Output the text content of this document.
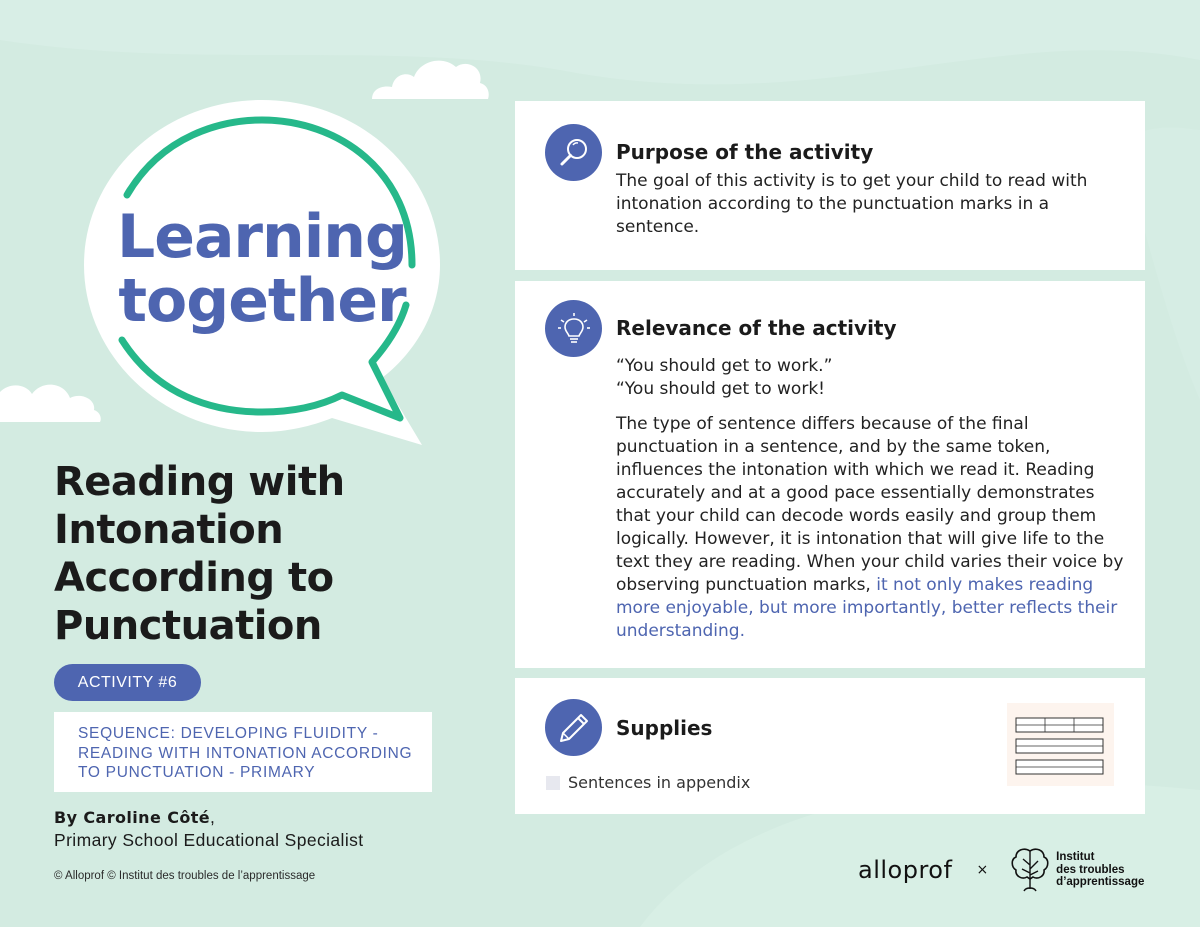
Learning
together
Reading with
Intonation
According to
Punctuation
ACTIVITY #6
SEQUENCE: DEVELOPING FLUIDITY -
READING WITH INTONATION ACCORDING
TO PUNCTUATION - PRIMARY
By Caroline Côté,
Primary School Educational Specialist
© Alloprof © Institut des troubles de l’apprentissage
Purpose of the activity
The goal of this activity is to get your child to read with intonation according to the punctuation marks in a sentence.
Relevance of the activity

“You should get to work.”

“You should get to work!

The type of sentence differs because of the final punctuation in a sentence, and by the same token, influences the intonation with which we read it. Reading accurately and at a good pace essentially demonstrates that your child can decode words easily and group them logically. However, it is intonation that will give life to the text they are reading. When your child varies their voice by observing punctuation marks, it not only makes reading more enjoyable, but more importantly, better reflects their understanding.

Supplies
Sentences in appendix
alloprof ×
Institut
des troubles
d’apprentissage
